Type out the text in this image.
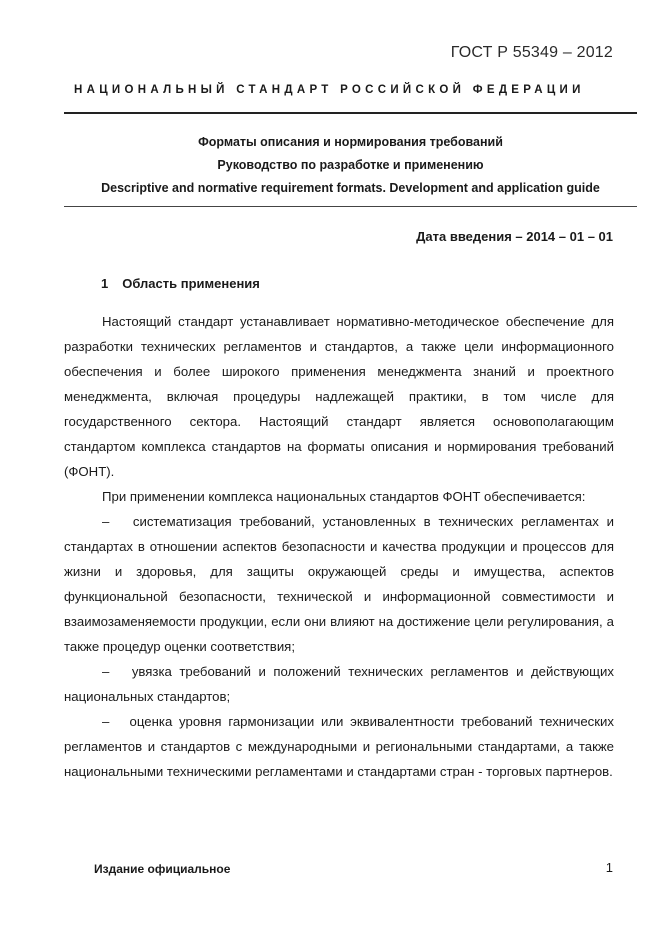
ГОСТ Р 55349 – 2012
НАЦИОНАЛЬНЫЙ СТАНДАРТ РОССИЙСКОЙ ФЕДЕРАЦИИ
Форматы описания и нормирования требований
Руководство по разработке и применению
Descriptive and normative requirement formats. Development and application guide
Дата введения – 2014 – 01 – 01
1 Область применения

Настоящий стандарт устанавливает нормативно-методическое обеспечение для разработки технических регламентов и стандартов, а также цели информационного обеспечения и более широкого применения менеджмента знаний и проектного менеджмента, включая процедуры надлежащей практики, в том числе для государственного сектора. Настоящий стандарт является основополагающим стандартом комплекса стандартов на форматы описания и нормирования требований (ФОНТ).

При применении комплекса национальных стандартов ФОНТ обеспечивается:

–   систематизация требований, установленных в технических регламентах и стандартах в отношении аспектов безопасности и качества продукции и процессов для жизни и здоровья, для защиты окружающей среды и имущества, аспектов функциональной безопасности, технической и информационной совместимости и взаимозаменяемости продукции, если они влияют на достижение цели регулирования, а также процедур оценки соответствия;

–   увязка требований и положений технических регламентов и действующих национальных стандартов;

–   оценка уровня гармонизации или эквивалентности требований технических регламентов и стандартов с международными и региональными стандартами, а также национальными техническими регламентами и стандартами стран - торговых партнеров.

Издание официальное	1
